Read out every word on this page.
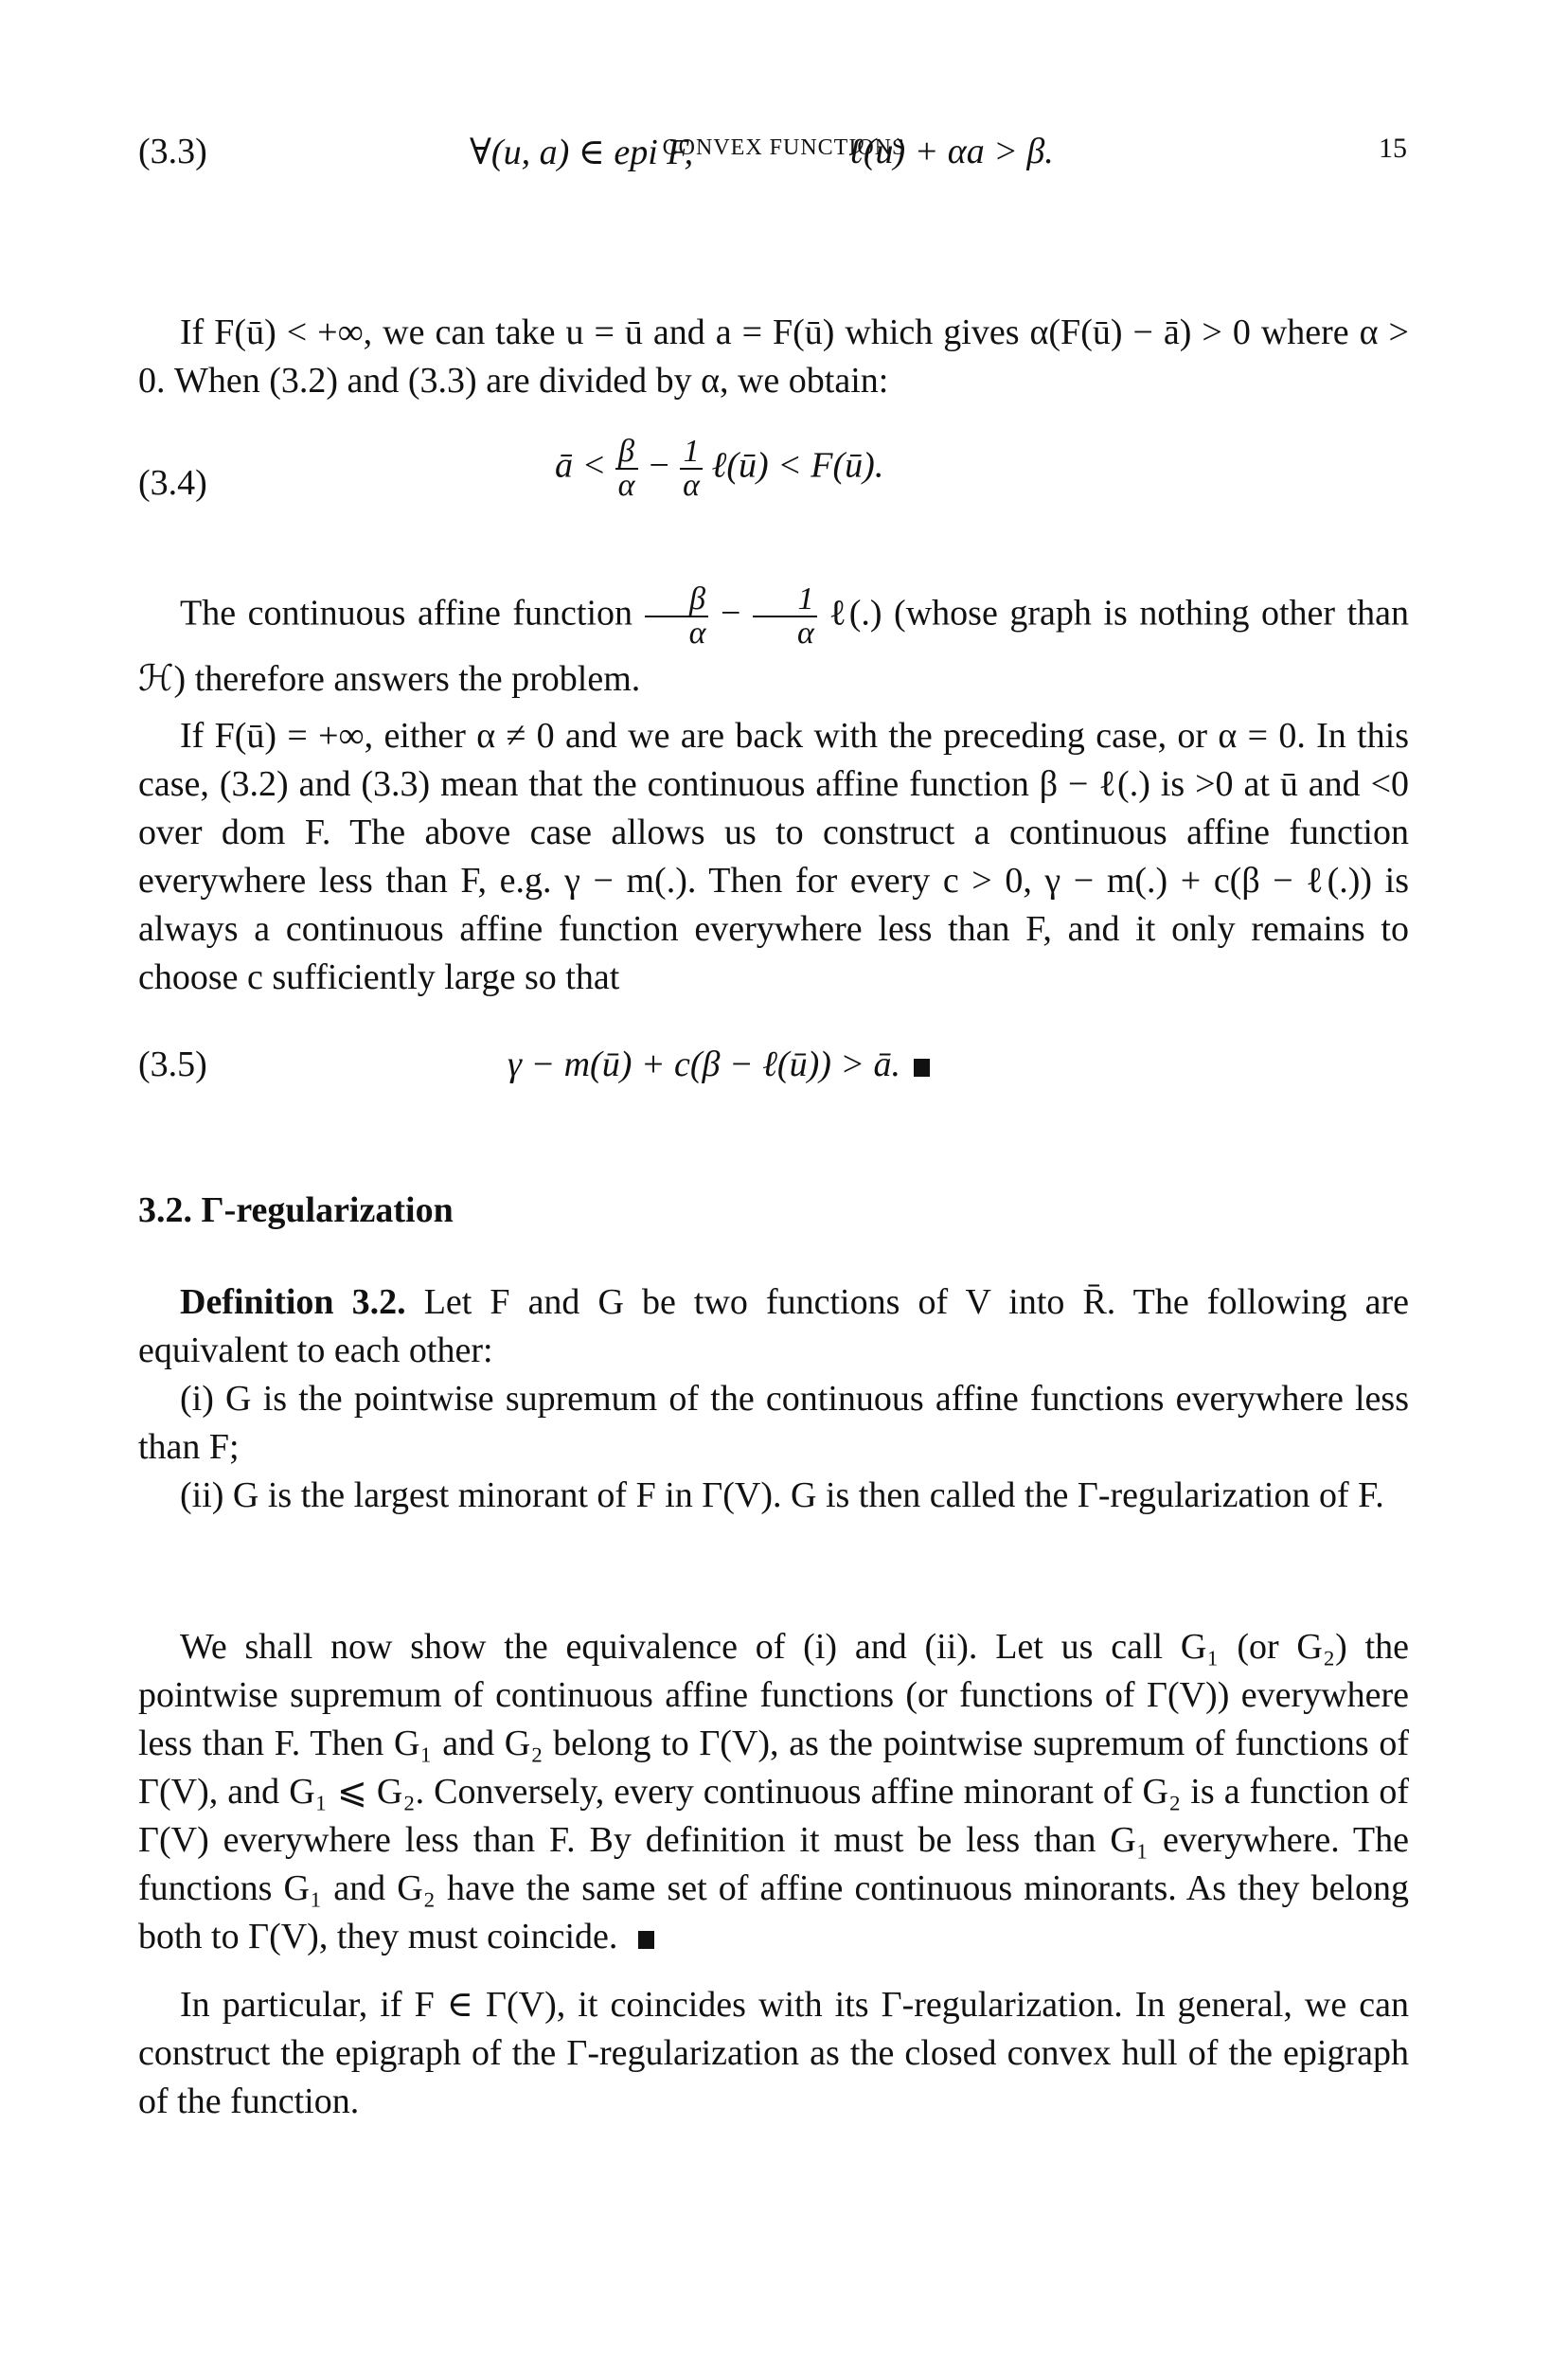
CONVEX FUNCTIONS	15
(3.3)	∀(u, a) ∈ epi F,	ℓ(u) + αa > β.
If F(ū) < +∞, we can take u = ū and a = F(ū) which gives α(F(ū) − ā) > 0 where α > 0. When (3.2) and (3.3) are divided by α, we obtain:
(3.4)	ā < $\frac{\beta}{\alpha} - \frac{1}{\alpha}$ ℓ(ū) < F(ū).
The continuous affine function $\frac{\beta}{\alpha} - \frac{1}{\alpha}$ ℓ(.) (whose graph is nothing other than ℋ) therefore answers the problem.
If F(ū) = +∞, either α ≠ 0 and we are back with the preceding case, or α = 0. In this case, (3.2) and (3.3) mean that the continuous affine function β − ℓ(.) is >0 at ū and <0 over dom F. The above case allows us to construct a continuous affine function everywhere less than F, e.g. γ − m(.). Then for every c > 0, γ − m(.) + c(β − ℓ(.)) is always a continuous affine function everywhere less than F, and it only remains to choose c sufficiently large so that
(3.5)	γ − m(ū) + c(β − ℓ(ū)) > ā.
3.2. Γ-regularization
Definition 3.2. Let F and G be two functions of V into R̄. The following are equivalent to each other:
(i) G is the pointwise supremum of the continuous affine functions everywhere less than F;
(ii) G is the largest minorant of F in Γ(V). G is then called the Γ-regularization of F.
We shall now show the equivalence of (i) and (ii). Let us call G₁ (or G₂) the pointwise supremum of continuous affine functions (or functions of Γ(V)) everywhere less than F. Then G₁ and G₂ belong to Γ(V), as the pointwise supremum of functions of Γ(V), and G₁ ⩽ G₂. Conversely, every continuous affine minorant of G₂ is a function of Γ(V) everywhere less than F. By definition it must be less than G₁ everywhere. The functions G₁ and G₂ have the same set of affine continuous minorants. As they belong both to Γ(V), they must coincide.
In particular, if F ∈ Γ(V), it coincides with its Γ-regularization. In general, we can construct the epigraph of the Γ-regularization as the closed convex hull of the epigraph of the function.
